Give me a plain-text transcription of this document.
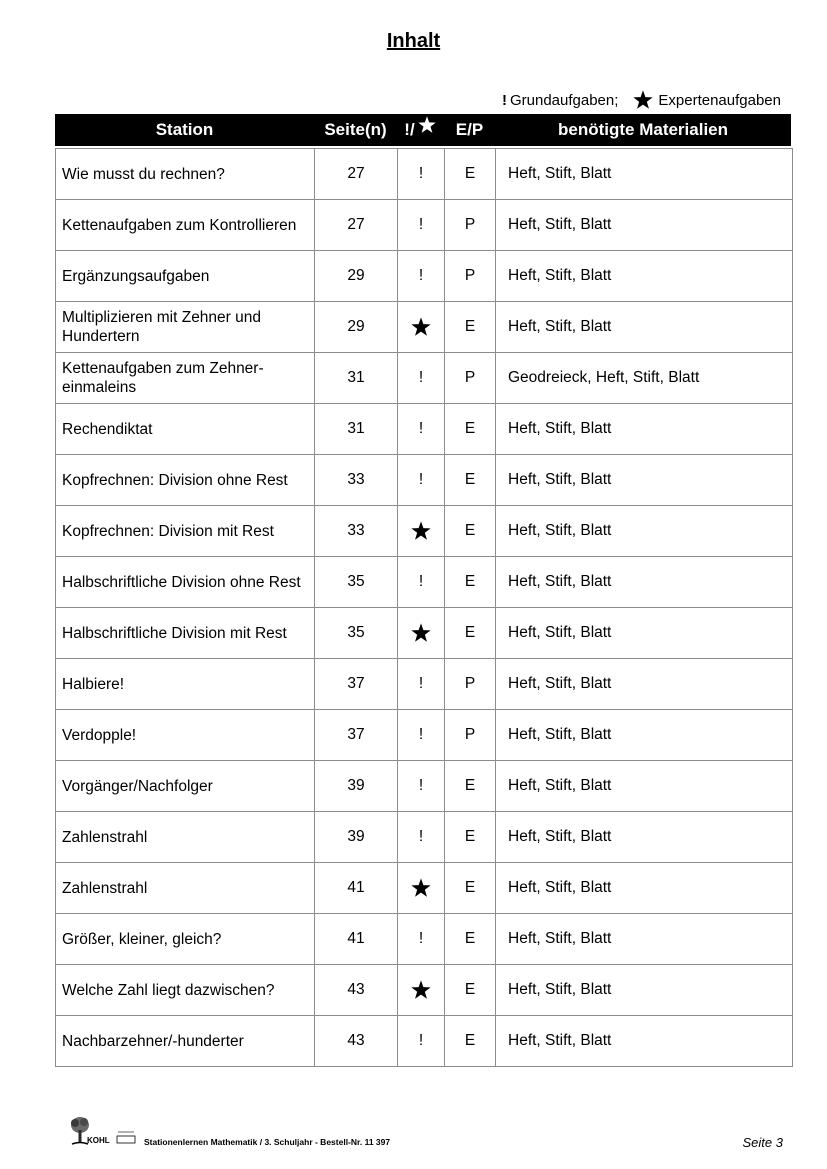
Inhalt
! Grundaufgaben;	Expertenaufgaben
Station	Seite(n)	!/	E/P	benötigte Materialien
Wie musst du rechnen?	27	!	E	Heft, Stift, Blatt
Kettenaufgaben zum Kontrollieren	27	!	P	Heft, Stift, Blatt
Ergänzungsaufgaben	29	!	P	Heft, Stift, Blatt
Multiplizieren mit Zehner und Hundertern	29		E	Heft, Stift, Blatt
Kettenaufgaben zum Zehner-einmaleins	31	!	P	Geodreieck, Heft, Stift, Blatt
Rechendiktat	31	!	E	Heft, Stift, Blatt
Kopfrechnen: Division ohne Rest	33	!	E	Heft, Stift, Blatt
Kopfrechnen: Division mit Rest	33		E	Heft, Stift, Blatt
Halbschriftliche Division ohne Rest	35	!	E	Heft, Stift, Blatt
Halbschriftliche Division mit Rest	35		E	Heft, Stift, Blatt
Halbiere!	37	!	P	Heft, Stift, Blatt
Verdopple!	37	!	P	Heft, Stift, Blatt
Vorgänger/Nachfolger	39	!	E	Heft, Stift, Blatt
Zahlenstrahl	39	!	E	Heft, Stift, Blatt
Zahlenstrahl	41		E	Heft, Stift, Blatt
Größer, kleiner, gleich?	41	!	E	Heft, Stift, Blatt
Welche Zahl liegt dazwischen?	43		E	Heft, Stift, Blatt
Nachbarzehner/-hunderter	43	!	E	Heft, Stift, Blatt
KOHL	Stationenlernen Mathematik / 3. Schuljahr - Bestell-Nr. 11 397	Seite 3
